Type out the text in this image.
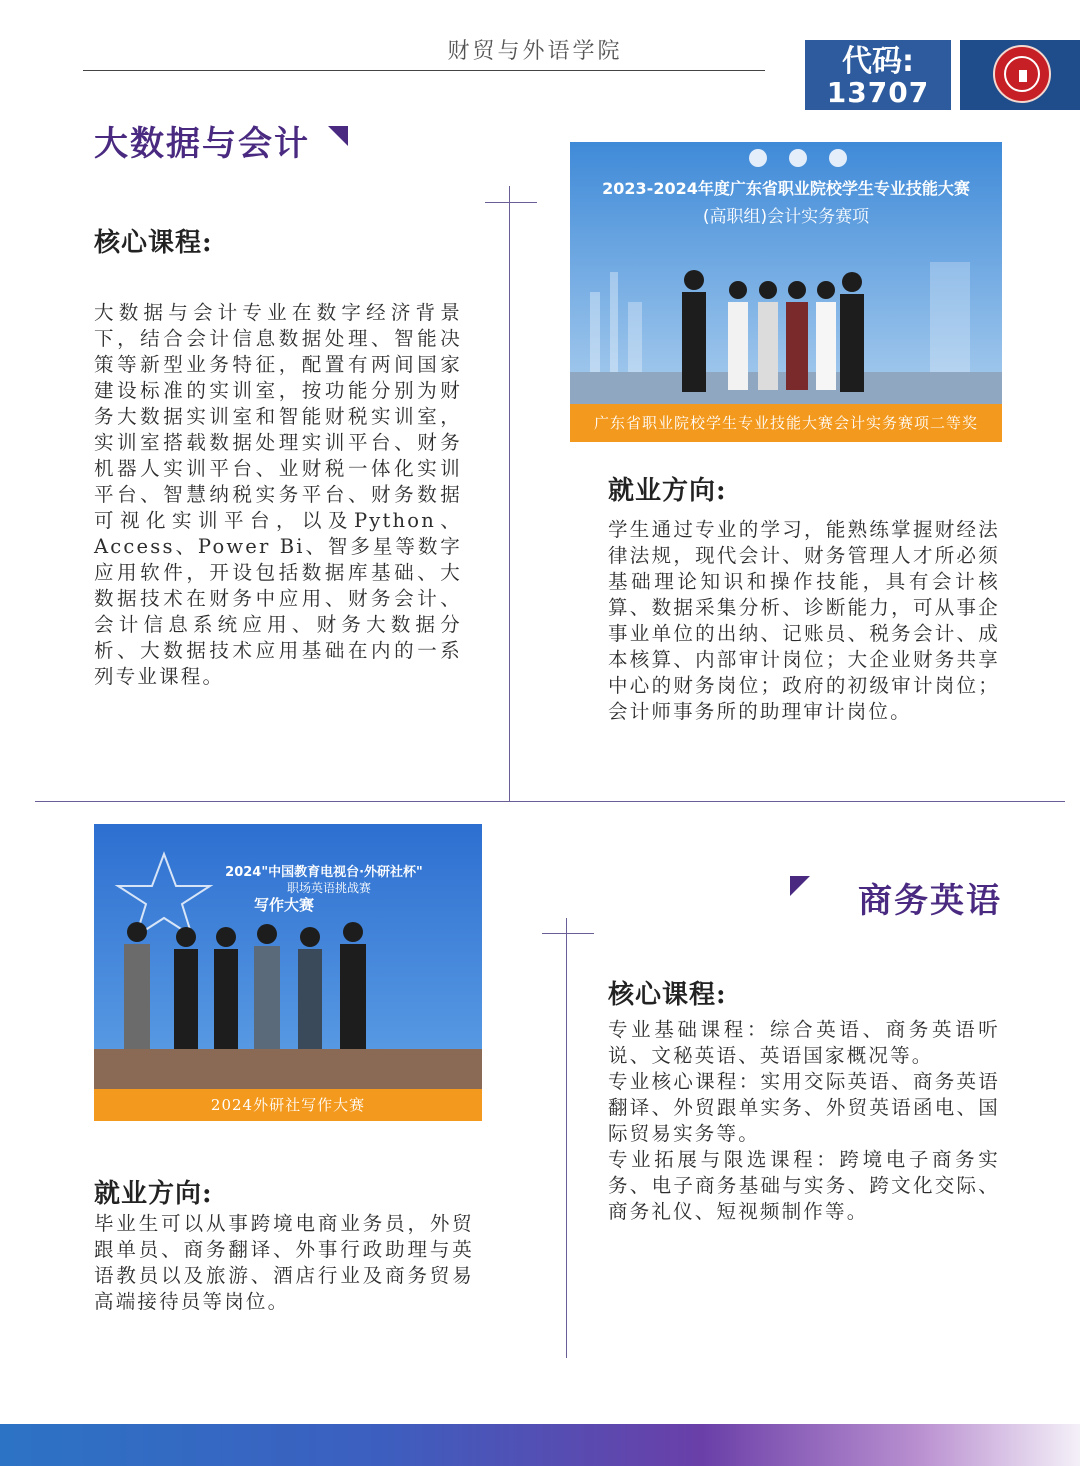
财贸与外语学院	代码:
13707
大数据与会计
核心课程:
大数据与会计专业在数字经济背景下，结合会计信息数据处理、智能决策等新型业务特征，配置有两间国家建设标准的实训室，按功能分别为财务大数据实训室和智能财税实训室，实训室搭载数据处理实训平台、财务机器人实训平台、业财税一体化实训平台、智慧纳税实务平台、财务数据可视化实训平台，以及Python、Access、Power Bi、智多星等数字应用软件，开设包括数据库基础、大数据技术在财务中应用、财务会计、会计信息系统应用、财务大数据分析、大数据技术应用基础在内的一系列专业课程。
2023-2024年度广东省职业院校学生专业技能大赛
(高职组)会计实务赛项
广东省职业院校学生专业技能大赛会计实务赛项二等奖
就业方向:
学生通过专业的学习，能熟练掌握财经法律法规，现代会计、财务管理人才所必须基础理论知识和操作技能，具有会计核算、数据采集分析、诊断能力，可从事企事业单位的出纳、记账员、税务会计、成本核算、内部审计岗位；大企业财务共享中心的财务岗位；政府的初级审计岗位；会计师事务所的助理审计岗位。
2024"中国教育电视台·外研社杯"
职场英语挑战赛
写作大赛
2024外研社写作大赛
商务英语
就业方向:
毕业生可以从事跨境电商业务员，外贸跟单员、商务翻译、外事行政助理与英语教员以及旅游、酒店行业及商务贸易高端接待员等岗位。
核心课程:
专业基础课程：综合英语、商务英语听说、文秘英语、英语国家概况等。
专业核心课程：实用交际英语、商务英语翻译、外贸跟单实务、外贸英语函电、国际贸易实务等。
专业拓展与限选课程：跨境电子商务实务、电子商务基础与实务、跨文化交际、商务礼仪、短视频制作等。
